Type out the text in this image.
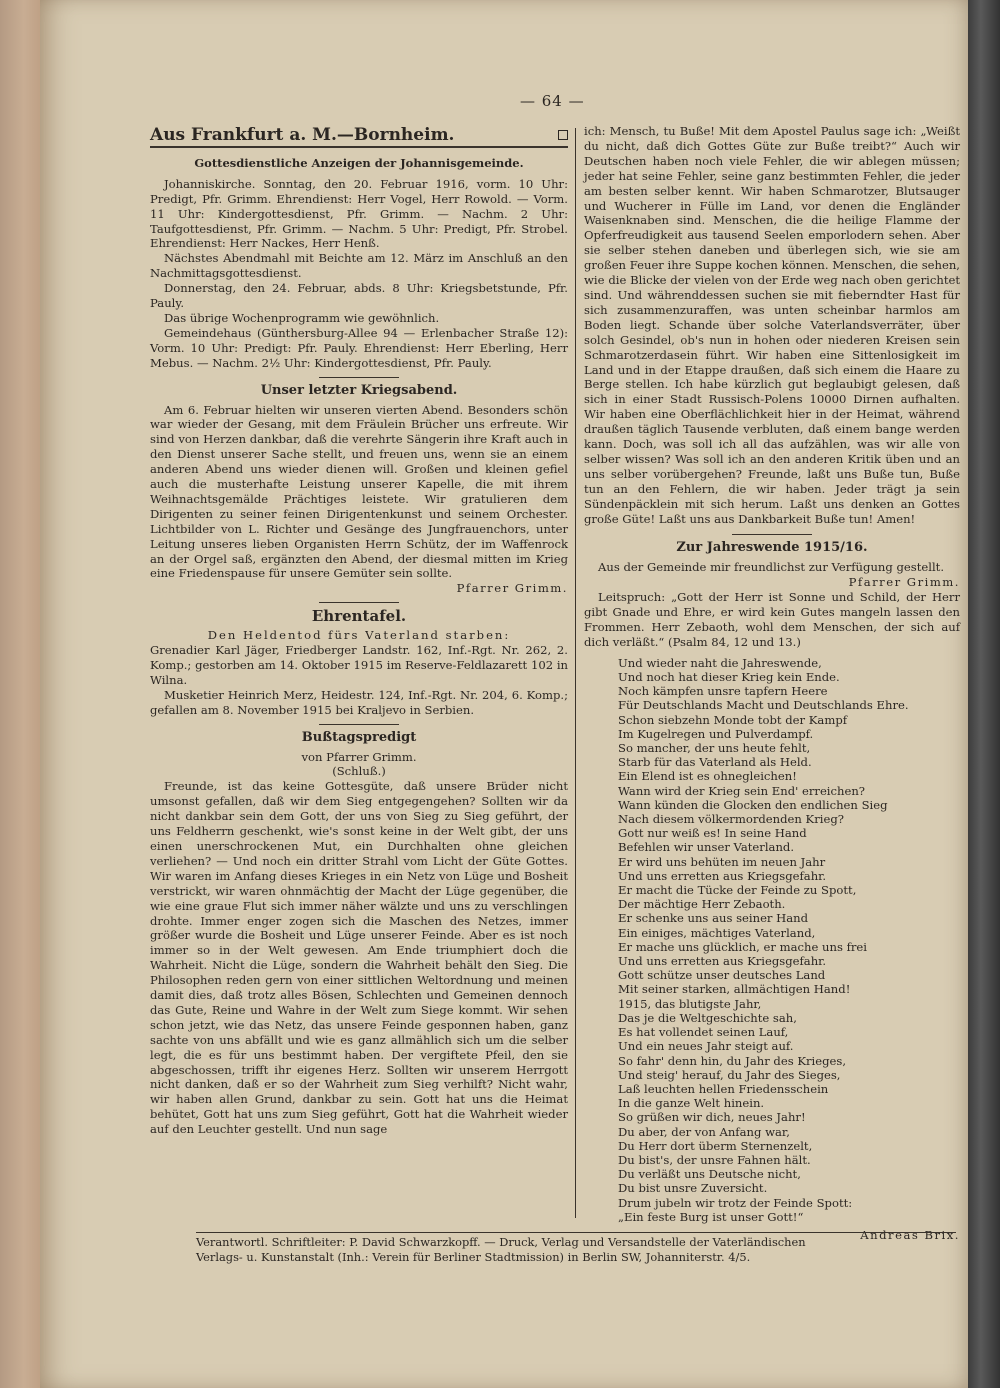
— 64 —
Aus Frankfurt a. M.—Bornheim.
Gottesdienstliche Anzeigen der Johannisgemeinde.

Johanniskirche. Sonntag, den 20. Februar 1916, vorm. 10 Uhr: Predigt, Pfr. Grimm. Ehrendienst: Herr Vogel, Herr Rowold. — Vorm. 11 Uhr: Kindergottesdienst, Pfr. Grimm. — Nachm. 2 Uhr: Taufgottesdienst, Pfr. Grimm. — Nachm. 5 Uhr: Predigt, Pfr. Strobel. Ehrendienst: Herr Nackes, Herr Henß.

Nächstes Abendmahl mit Beichte am 12. März im Anschluß an den Nachmittagsgottesdienst.

Donnerstag, den 24. Februar, abds. 8 Uhr: Kriegsbetstunde, Pfr. Pauly.

Das übrige Wochenprogramm wie gewöhnlich.

Gemeindehaus (Günthersburg-Allee 94 — Erlenbacher Straße 12): Vorm. 10 Uhr: Predigt: Pfr. Pauly. Ehrendienst: Herr Eberling, Herr Mebus. — Nachm. 2½ Uhr: Kindergottesdienst, Pfr. Pauly.

Unser letzter Kriegsabend.

Am 6. Februar hielten wir unseren vierten Abend. Besonders schön war wieder der Gesang, mit dem Fräulein Brücher uns erfreute. Wir sind von Herzen dankbar, daß die verehrte Sängerin ihre Kraft auch in den Dienst unserer Sache stellt, und freuen uns, wenn sie an einem anderen Abend uns wieder dienen will. Großen und kleinen gefiel auch die musterhafte Leistung unserer Kapelle, die mit ihrem Weihnachtsgemälde Prächtiges leistete. Wir gratulieren dem Dirigenten zu seiner feinen Dirigentenkunst und seinem Orchester. Lichtbilder von L. Richter und Gesänge des Jungfrauenchors, unter Leitung unseres lieben Organisten Herrn Schütz, der im Waffenrock an der Orgel saß, ergänzten den Abend, der diesmal mitten im Krieg eine Friedenspause für unsere Gemüter sein sollte.

Pfarrer Grimm.
Ehrentafel.

Den Heldentod fürs Vaterland starben:

Grenadier Karl Jäger, Friedberger Landstr. 162, Inf.-Rgt. Nr. 262, 2. Komp.; gestorben am 14. Oktober 1915 im Reserve-Feldlazarett 102 in Wilna.

Musketier Heinrich Merz, Heidestr. 124, Inf.-Rgt. Nr. 204, 6. Komp.; gefallen am 8. November 1915 bei Kraljevo in Serbien.

Bußtagspredigt

von Pfarrer Grimm.

(Schluß.)

Freunde, ist das keine Gottesgüte, daß unsere Brüder nicht umsonst gefallen, daß wir dem Sieg entgegengehen? Sollten wir da nicht dankbar sein dem Gott, der uns von Sieg zu Sieg geführt, der uns Feldherrn geschenkt, wie's sonst keine in der Welt gibt, der uns einen unerschrockenen Mut, ein Durchhalten ohne gleichen verliehen? — Und noch ein dritter Strahl vom Licht der Güte Gottes. Wir waren im Anfang dieses Krieges in ein Netz von Lüge und Bosheit verstrickt, wir waren ohnmächtig der Macht der Lüge gegenüber, die wie eine graue Flut sich immer näher wälzte und uns zu verschlingen drohte. Immer enger zogen sich die Maschen des Netzes, immer größer wurde die Bosheit und Lüge unserer Feinde. Aber es ist noch immer so in der Welt gewesen. Am Ende triumphiert doch die Wahrheit. Nicht die Lüge, sondern die Wahrheit behält den Sieg. Die Philosophen reden gern von einer sittlichen Weltordnung und meinen damit dies, daß trotz alles Bösen, Schlechten und Gemeinen dennoch das Gute, Reine und Wahre in der Welt zum Siege kommt. Wir sehen schon jetzt, wie das Netz, das unsere Feinde gesponnen haben, ganz sachte von uns abfällt und wie es ganz allmählich sich um die selber legt, die es für uns bestimmt haben. Der vergiftete Pfeil, den sie abgeschossen, trifft ihr eigenes Herz. Sollten wir unserem Herrgott nicht danken, daß er so der Wahrheit zum Sieg verhilft? Nicht wahr, wir haben allen Grund, dankbar zu sein. Gott hat uns die Heimat behütet, Gott hat uns zum Sieg geführt, Gott hat die Wahrheit wieder auf den Leuchter gestellt. Und nun sage

ich: Mensch, tu Buße! Mit dem Apostel Paulus sage ich: „Weißt du nicht, daß dich Gottes Güte zur Buße treibt?“ Auch wir Deutschen haben noch viele Fehler, die wir ablegen müssen; jeder hat seine Fehler, seine ganz bestimmten Fehler, die jeder am besten selber kennt. Wir haben Schmarotzer, Blutsauger und Wucherer in Fülle im Land, vor denen die Engländer Waisenknaben sind. Menschen, die die heilige Flamme der Opferfreudigkeit aus tausend Seelen emporlodern sehen. Aber sie selber stehen daneben und überlegen sich, wie sie am großen Feuer ihre Suppe kochen können. Menschen, die sehen, wie die Blicke der vielen von der Erde weg nach oben gerichtet sind. Und währenddessen suchen sie mit fieberndter Hast für sich zusammenzuraffen, was unten scheinbar harmlos am Boden liegt. Schande über solche Vaterlandsverräter, über solch Gesindel, ob's nun in hohen oder niederen Kreisen sein Schmarotzerdasein führt. Wir haben eine Sittenlosigkeit im Land und in der Etappe draußen, daß sich einem die Haare zu Berge stellen. Ich habe kürzlich gut beglaubigt gelesen, daß sich in einer Stadt Russisch-Polens 10000 Dirnen aufhalten. Wir haben eine Oberflächlichkeit hier in der Heimat, während draußen täglich Tausende verbluten, daß einem bange werden kann. Doch, was soll ich all das aufzählen, was wir alle von selber wissen? Was soll ich an den anderen Kritik üben und an uns selber vorübergehen? Freunde, laßt uns Buße tun, Buße tun an den Fehlern, die wir haben. Jeder trägt ja sein Sündenpäcklein mit sich herum. Laßt uns denken an Gottes große Güte! Laßt uns aus Dankbarkeit Buße tun! Amen!

Zur Jahreswende 1915/16.

Aus der Gemeinde mir freundlichst zur Verfügung gestellt.

Pfarrer Grimm.

Leitspruch: „Gott der Herr ist Sonne und Schild, der Herr gibt Gnade und Ehre, er wird kein Gutes mangeln lassen den Frommen. Herr Zebaoth, wohl dem Menschen, der sich auf dich verläßt.“ (Psalm 84, 12 und 13.)

Und wieder naht die Jahreswende,
Und noch hat dieser Krieg kein Ende.
Noch kämpfen unsre tapfern Heere
Für Deutschlands Macht und Deutschlands Ehre.
Schon siebzehn Monde tobt der Kampf
Im Kugelregen und Pulverdampf.
So mancher, der uns heute fehlt,
Starb für das Vaterland als Held.
Ein Elend ist es ohnegleichen!
Wann wird der Krieg sein End' erreichen?
Wann künden die Glocken den endlichen Sieg
Nach diesem völkermordenden Krieg?
Gott nur weiß es! In seine Hand
Befehlen wir unser Vaterland.
Er wird uns behüten im neuen Jahr
Und uns erretten aus Kriegsgefahr.
Er macht die Tücke der Feinde zu Spott,
Der mächtige Herr Zebaoth.
Er schenke uns aus seiner Hand
Ein einiges, mächtiges Vaterland,
Er mache uns glücklich, er mache uns frei
Und uns erretten aus Kriegsgefahr.
Gott schütze unser deutsches Land
Mit seiner starken, allmächtigen Hand!
1915, das blutigste Jahr,
Das je die Weltgeschichte sah,
Es hat vollendet seinen Lauf,
Und ein neues Jahr steigt auf.
So fahr' denn hin, du Jahr des Krieges,
Und steig' herauf, du Jahr des Sieges,
Laß leuchten hellen Friedensschein
In die ganze Welt hinein.
So grüßen wir dich, neues Jahr!
Du aber, der von Anfang war,
Du Herr dort überm Sternenzelt,
Du bist's, der unsre Fahnen hält.
Du verläßt uns Deutsche nicht,
Du bist unsre Zuversicht.
Drum jubeln wir trotz der Feinde Spott:
„Ein feste Burg ist unser Gott!“
Andreas Brix.
Verantwortl. Schriftleiter: P. David Schwarzkopff. — Druck, Verlag und Versandstelle der Vaterländischen
Verlags- u. Kunstanstalt (Inh.: Verein für Berliner Stadtmission) in Berlin SW, Johanniterstr. 4/5.
